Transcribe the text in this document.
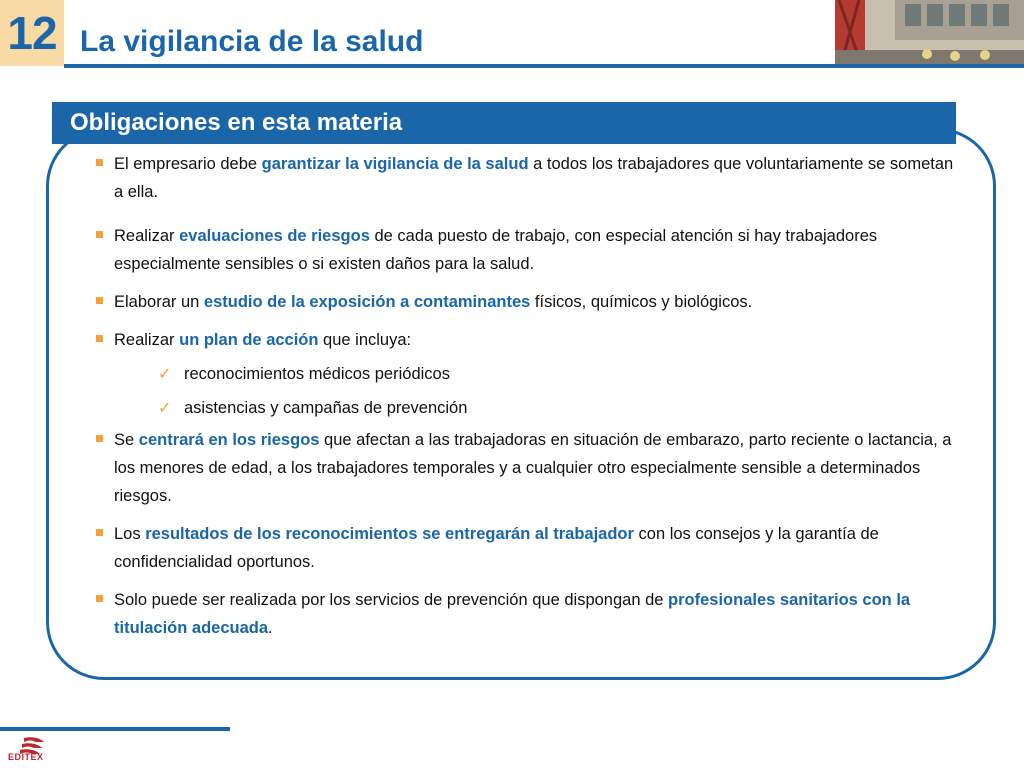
12 La vigilancia de la salud
Obligaciones en esta materia

El empresario debe garantizar la vigilancia de la salud a todos los trabajadores que voluntariamente se sometan a ella.

Realizar evaluaciones de riesgos de cada puesto de trabajo, con especial atención si hay trabajadores especialmente sensibles o si existen daños para la salud.

Elaborar un estudio de la exposición a contaminantes físicos, químicos y biológicos.

Realizar un plan de acción que incluya:

✓ reconocimientos médicos periódicos

✓ asistencias y campañas de prevención

Se centrará en los riesgos que afectan a las trabajadoras en situación de embarazo, parto reciente o lactancia, a los menores de edad, a los trabajadores temporales y a cualquier otro especialmente sensible a determinados riesgos.

Los resultados de los reconocimientos se entregarán al trabajador con los consejos y la garantía de confidencialidad oportunos.

Solo puede ser realizada por los servicios de prevención que dispongan de profesionales sanitarios con la titulación adecuada.

EDITEX
